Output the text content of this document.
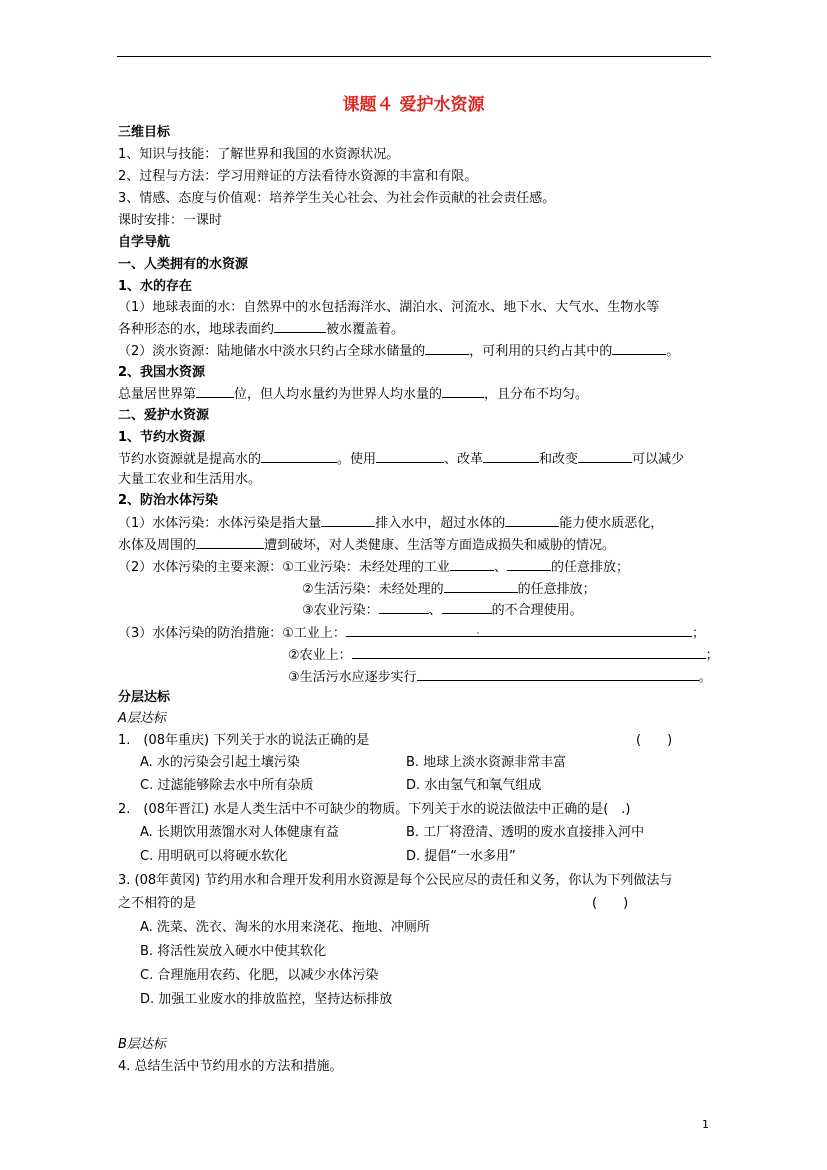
课题４ 爱护水资源
三维目标
1、知识与技能：了解世界和我国的水资源状况。
2、过程与方法：学习用辩证的方法看待水资源的丰富和有限。
3、情感、态度与价值观：培养学生关心社会、为社会作贡献的社会责任感。
课时安排：一课时
自学导航
一、人类拥有的水资源
1、水的存在
（1）地球表面的水：自然界中的水包括海洋水、湖泊水、河流水、地下水、大气水、生物水等
各种形态的水，地球表面约	被水覆盖着。
（2）淡水资源：陆地储水中淡水只约占全球水储量的	，可利用的只约占其中的	。
2、我国水资源
总量居世界第	位，但人均水量约为世界人均水量的	，且分布不均匀。
二、爱护水资源
1、节约水资源
节约水资源就是提高水的	。使用	、改革	和改变	可以减少
大量工农业和生活用水。
2、防治水体污染
（1）水体污染：水体污染是指大量	排入水中，超过水体的	能力使水质恶化，
水体及周围的	遭到破坏，对人类健康、生活等方面造成损失和威胁的情况。
（2）水体污染的主要来源：①工业污染：未经处理的工业	、	的任意排放；
②生活污染：未经处理的	的任意排放；
③农业污染：	、	的不合理使用。
（3）水体污染的防治措施：①工业上：	；
②农业上：	；
③生活污水应逐步实行	。
分层达标
A层达标
1.　(08年重庆) 下列关于水的说法正确的是	(　　)
A. 水的污染会引起土壤污染	B. 地球上淡水资源非常丰富
C. 过滤能够除去水中所有杂质	D. 水由氢气和氧气组成
2.　(08年晋江) 水是人类生活中不可缺少的物质。下列关于水的说法做法中正确的是(　.)
A. 长期饮用蒸馏水对人体健康有益	B. 工厂将澄清、透明的废水直接排入河中
C. 用明矾可以将硬水软化	D. 提倡“一水多用”
3. (08年黄冈) 节约用水和合理开发利用水资源是每个公民应尽的责任和义务，你认为下列做法与
之不相符的是	(　　)
A. 洗菜、洗衣、淘米的水用来浇花、拖地、冲厕所
B. 将活性炭放入硬水中使其软化
C. 合理施用农药、化肥，以减少水体污染
D. 加强工业废水的排放监控，坚持达标排放
B层达标
4. 总结生活中节约用水的方法和措施。
1
